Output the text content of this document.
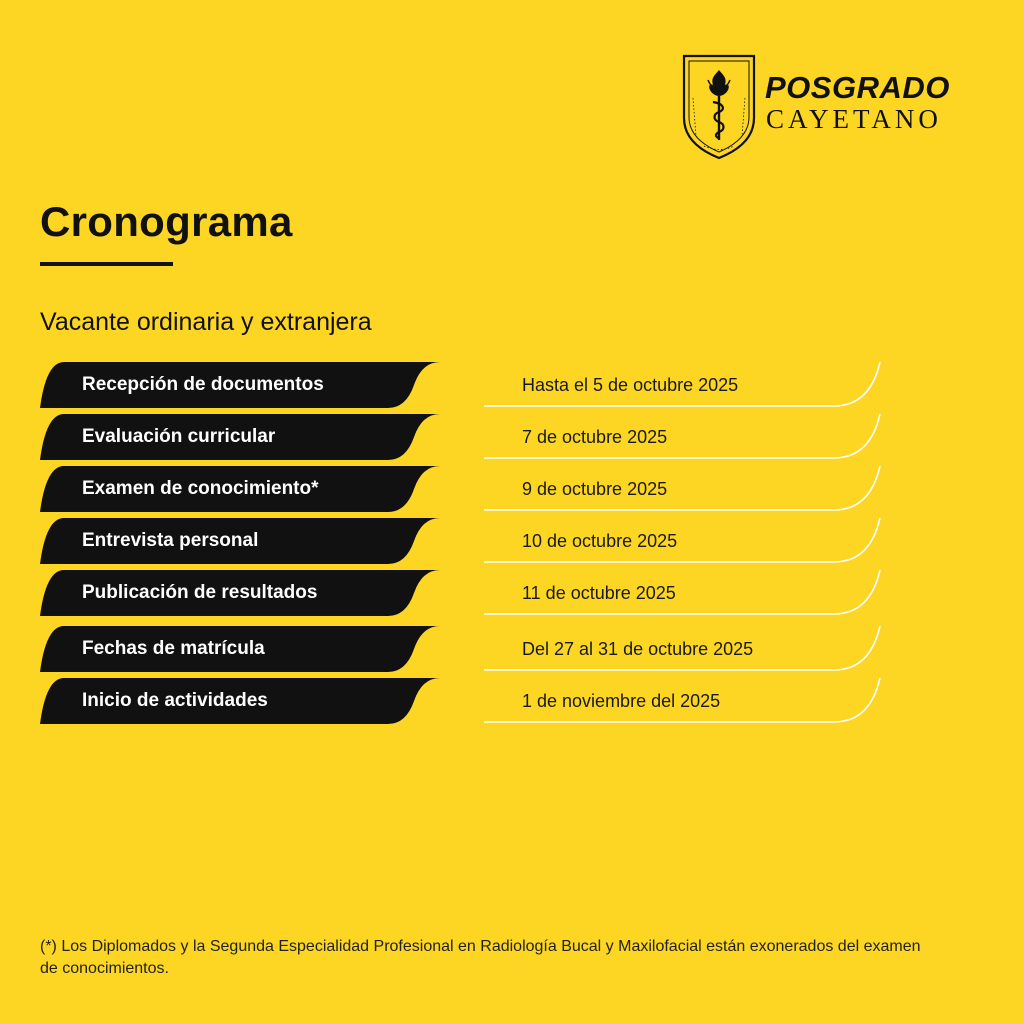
POSGRADO
CAYETANO
Cronograma
Vacante ordinaria y extranjera
Recepción de documentos	Hasta el 5 de octubre 2025
Evaluación curricular	7 de octubre 2025
Examen de conocimiento*	9 de octubre 2025
Entrevista personal	10 de octubre 2025
Publicación de resultados	11 de octubre 2025
Fechas de matrícula	Del 27 al 31 de octubre 2025
Inicio de actividades	1 de noviembre del 2025
(*) Los Diplomados y la Segunda Especialidad Profesional en Radiología Bucal y Maxilofacial están exonerados del examen de conocimientos.
